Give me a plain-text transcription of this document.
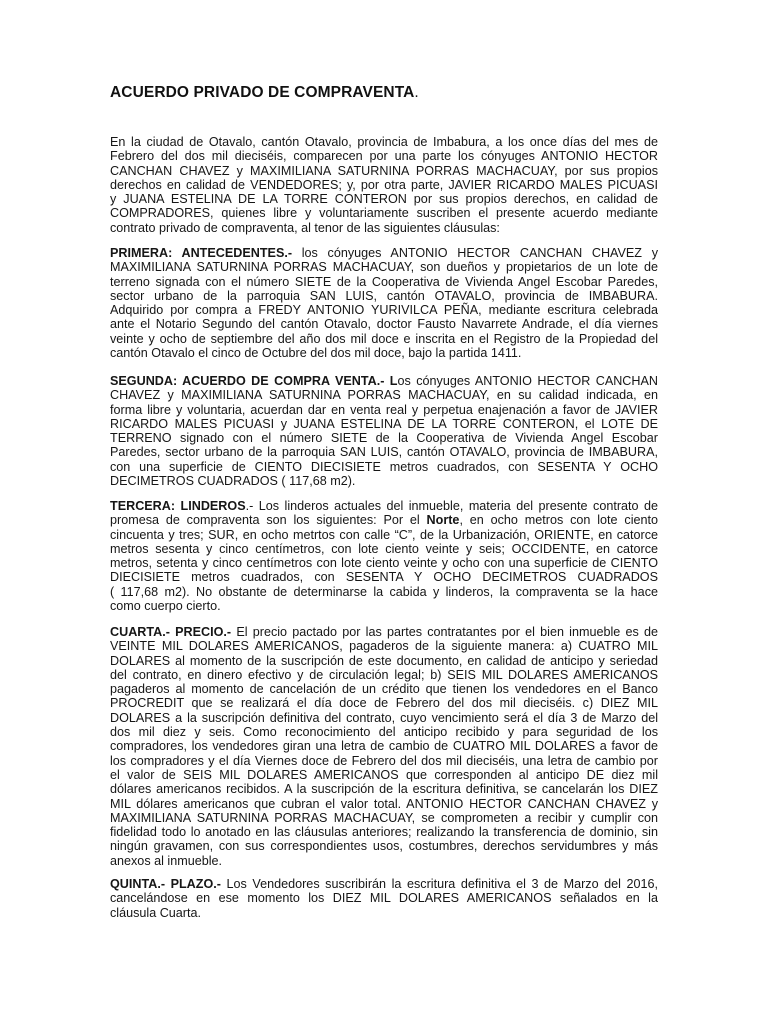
ACUERDO PRIVADO DE COMPRAVENTA.
En la ciudad de Otavalo, cantón Otavalo, provincia de Imbabura, a los once días del mes de
Febrero del dos mil dieciséis, comparecen por una parte los cónyuges ANTONIO HECTOR
CANCHAN CHAVEZ y MAXIMILIANA SATURNINA PORRAS MACHACUAY, por sus propios
derechos en calidad de VENDEDORES; y, por otra parte, JAVIER RICARDO MALES PICUASI
y JUANA ESTELINA DE LA TORRE CONTERON por sus propios derechos, en calidad de
COMPRADORES, quienes libre y voluntariamente suscriben el presente acuerdo mediante
contrato privado de compraventa, al tenor de las siguientes cláusulas:
PRIMERA: ANTECEDENTES.- los cónyuges ANTONIO HECTOR CANCHAN CHAVEZ y
MAXIMILIANA SATURNINA PORRAS MACHACUAY, son dueños y propietarios de un lote de
terreno signada con el número SIETE de la Cooperativa de Vivienda Angel Escobar Paredes,
sector urbano de la parroquia SAN LUIS, cantón OTAVALO, provincia de IMBABURA.
Adquirido por compra a FREDY ANTONIO YURIVILCA PEÑA, mediante escritura celebrada
ante el Notario Segundo del cantón Otavalo, doctor Fausto Navarrete Andrade, el día viernes
veinte y ocho de septiembre del año dos mil doce e inscrita en el Registro de la Propiedad del
cantón Otavalo el cinco de Octubre del dos mil doce, bajo la partida 1411.
SEGUNDA: ACUERDO DE COMPRA VENTA.- Los cónyuges ANTONIO HECTOR CANCHAN
CHAVEZ y MAXIMILIANA SATURNINA PORRAS MACHACUAY, en su calidad indicada, en
forma libre y voluntaria, acuerdan dar en venta real y perpetua enajenación a favor de JAVIER
RICARDO MALES PICUASI y JUANA ESTELINA DE LA TORRE CONTERON, el LOTE DE
TERRENO signado con el número SIETE de la Cooperativa de Vivienda Angel Escobar
Paredes, sector urbano de la parroquia SAN LUIS, cantón OTAVALO, provincia de IMBABURA,
con una superficie de CIENTO DIECISIETE metros cuadrados, con SESENTA Y OCHO
DECIMETROS CUADRADOS ( 117,68 m2).
TERCERA: LINDEROS.- Los linderos actuales del inmueble, materia del presente contrato de
promesa de compraventa son los siguientes: Por el Norte, en ocho metros con lote ciento
cincuenta y tres; SUR, en ocho metrtos con calle “C”, de la Urbanización, ORIENTE, en catorce
metros sesenta y cinco centímetros, con lote ciento veinte y seis; OCCIDENTE, en catorce
metros, setenta y cinco centímetros con lote ciento veinte y ocho con una superficie de CIENTO
DIECISIETE metros cuadrados, con SESENTA Y OCHO DECIMETROS CUADRADOS
( 117,68 m2). No obstante de determinarse la cabida y linderos, la compraventa se la hace
como cuerpo cierto.
CUARTA.- PRECIO.- El precio pactado por las partes contratantes por el bien inmueble es de
VEINTE MIL DOLARES AMERICANOS, pagaderos de la siguiente manera: a) CUATRO MIL
DOLARES al momento de la suscripción de este documento, en calidad de anticipo y seriedad
del contrato, en dinero efectivo y de circulación legal; b) SEIS MIL DOLARES AMERICANOS
pagaderos al momento de cancelación de un crédito que tienen los vendedores en el Banco
PROCREDIT que se realizará el día doce de Febrero del dos mil dieciséis. c) DIEZ MIL
DOLARES a la suscripción definitiva del contrato, cuyo vencimiento será el día 3 de Marzo del
dos mil diez y seis. Como reconocimiento del anticipo recibido y para seguridad de los
compradores, los vendedores giran una letra de cambio de CUATRO MIL DOLARES a favor de
los compradores y el día Viernes doce de Febrero del dos mil dieciséis, una letra de cambio por
el valor de SEIS MIL DOLARES AMERICANOS que corresponden al anticipo DE diez mil
dólares americanos recibidos. A la suscripción de la escritura definitiva, se cancelarán los DIEZ
MIL dólares americanos que cubran el valor total. ANTONIO HECTOR CANCHAN CHAVEZ y
MAXIMILIANA SATURNINA PORRAS MACHACUAY, se comprometen a recibir y cumplir con
fidelidad todo lo anotado en las cláusulas anteriores; realizando la transferencia de dominio, sin
ningún gravamen, con sus correspondientes usos, costumbres, derechos servidumbres y más
anexos al inmueble.
QUINTA.- PLAZO.- Los Vendedores suscribirán la escritura definitiva el 3 de Marzo del 2016,
cancelándose en ese momento los DIEZ MIL DOLARES AMERICANOS señalados en la
cláusula Cuarta.
